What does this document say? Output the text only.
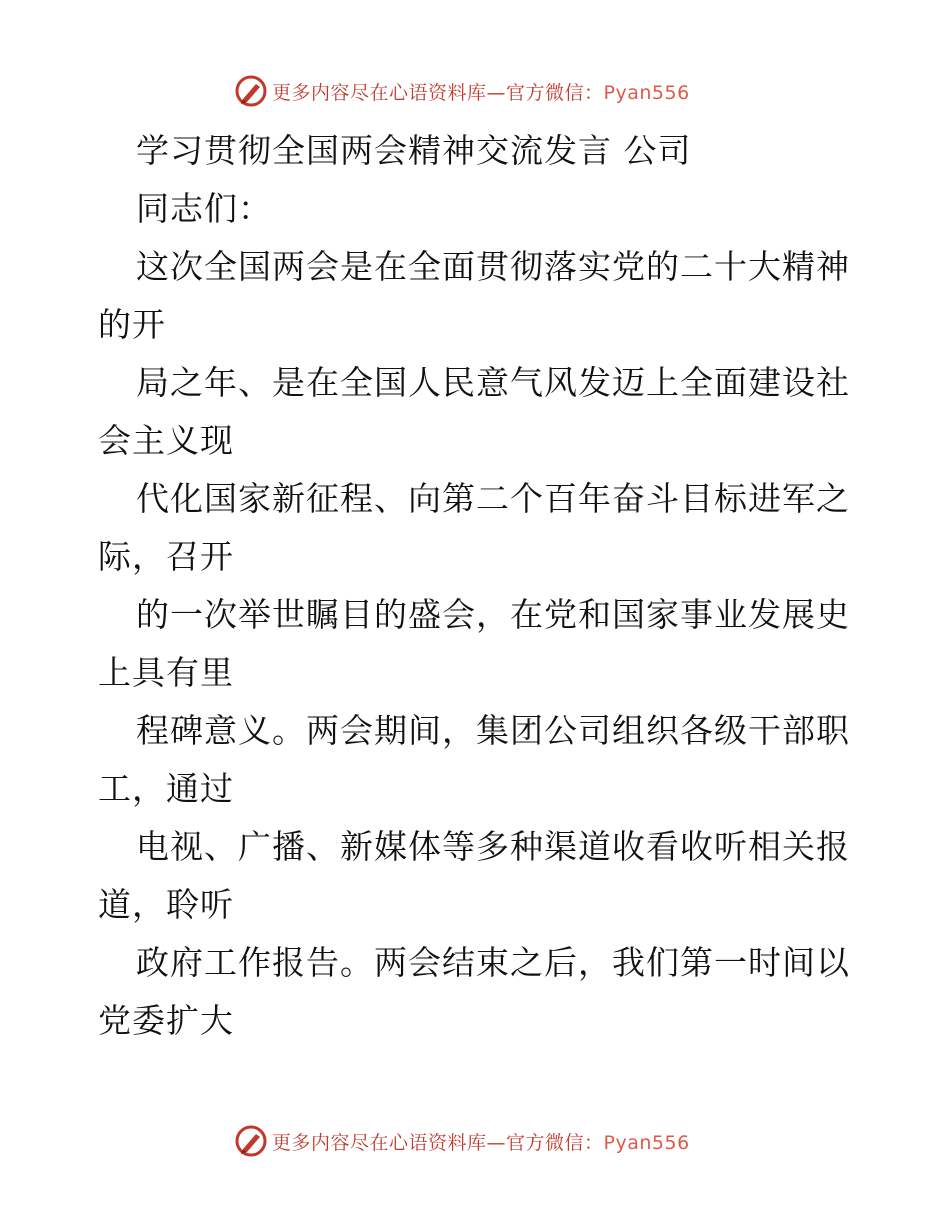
更多内容尽在心语资料库—官方微信：Pyan556
学习贯彻全国两会精神交流发言 公司
同志们：
这次全国两会是在全面贯彻落实党的二十大精神
的开
局之年、是在全国人民意气风发迈上全面建设社
会主义现
代化国家新征程、向第二个百年奋斗目标进军之
际，召开
的一次举世瞩目的盛会，在党和国家事业发展史
上具有里
程碑意义。两会期间，集团公司组织各级干部职
工，通过
电视、广播、新媒体等多种渠道收看收听相关报
道，聆听
政府工作报告。两会结束之后，我们第一时间以
党委扩大
更多内容尽在心语资料库—官方微信：Pyan556
